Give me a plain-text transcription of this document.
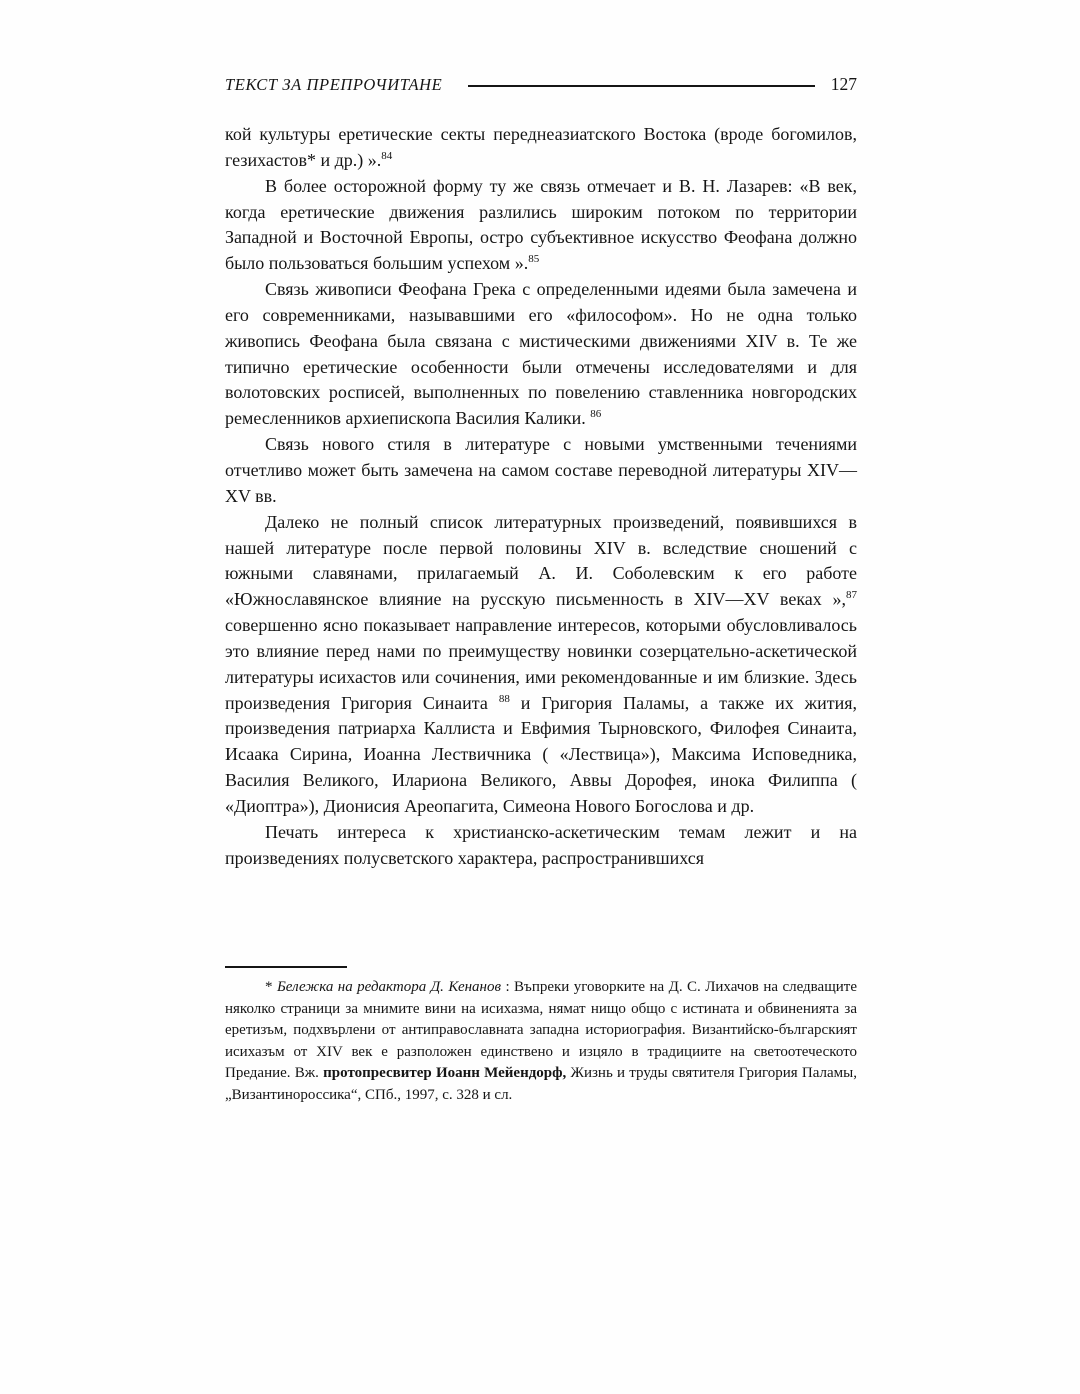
ТЕКСТ ЗА ПРЕПРОЧИТАНЕ	127

кой культуры еретические секты переднеазиатского Востока (вроде богомилов, гезихастов* и др.) ».$^{84}$

В более осторожной форму ту же связь отмечает и В. Н. Лазарев: «В век, когда еретические движения разлились широким потоком по территории Западной и Восточной Европы, остро субъективное искусство Феофана должно было пользоваться большим успехом ».$^{85}$

Связь живописи Феофана Грека с определенными идеями была замечена и его современниками, называвшими его «философом». Но не одна только живопись Феофана была связана с мистическими движениями XIV в. Те же типично еретические особенности были отмечены исследователями и для волотовских росписей, выполненных по повелению ставленника новгородских ремесленников архиепископа Василия Калики. $^{86}$

Связь нового стиля в литературе с новыми умственными течениями отчетливо может быть замечена на самом составе переводной литературы XIV—XV вв.

Далеко не полный список литературных произведений, появившихся в нашей литературе после первой половины XIV в. вследствие сношений с южными славянами, прилагаемый А. И. Соболевским к его работе «Южнославянское влияние на русскую письменность в XIV—XV веках »,$^{87}$ совершенно ясно показывает направление интересов, которыми обусловливалось это влияние перед нами по преимуществу новинки созерцательно-аскетической литературы исихастов или сочинения, ими рекомендованные и им близкие. Здесь произведения Григория Синаита $^{88}$ и Григория Паламы, а также их жития, произведения патриарха Каллиста и Евфимия Тырновского, Филофея Синаита, Исаака Сирина, Иоанна Лествичника ( «Лествица»), Максима Исповедника, Василия Великого, Илариона Великого, Аввы Дорофея, инока Филиппа ( «Диоптра»), Дионисия Ареопагита, Симеона Нового Богослова и др.

Печать интереса к христианско-аскетическим темам лежит и на произведениях полусветского характера, распространившихся

* Бележка на редактора Д. Кенанов : Въпреки уговорките на Д. С. Лихачов на следващите няколко страници за мнимите вини на исихазма, нямат нищо общо с истината и обвиненията за еретизъм, подхвърлени от антиправославната западна историография. Византийско-българският исихазъм от XIV век е разположен единствено и изцяло в традициите на светоотеческото Предание. Вж. протопресвитер Иоанн Мейендорф, Жизнь и труды святителя Григория Паламы, „Византинороссика“, СПб., 1997, с. 328 и сл.
